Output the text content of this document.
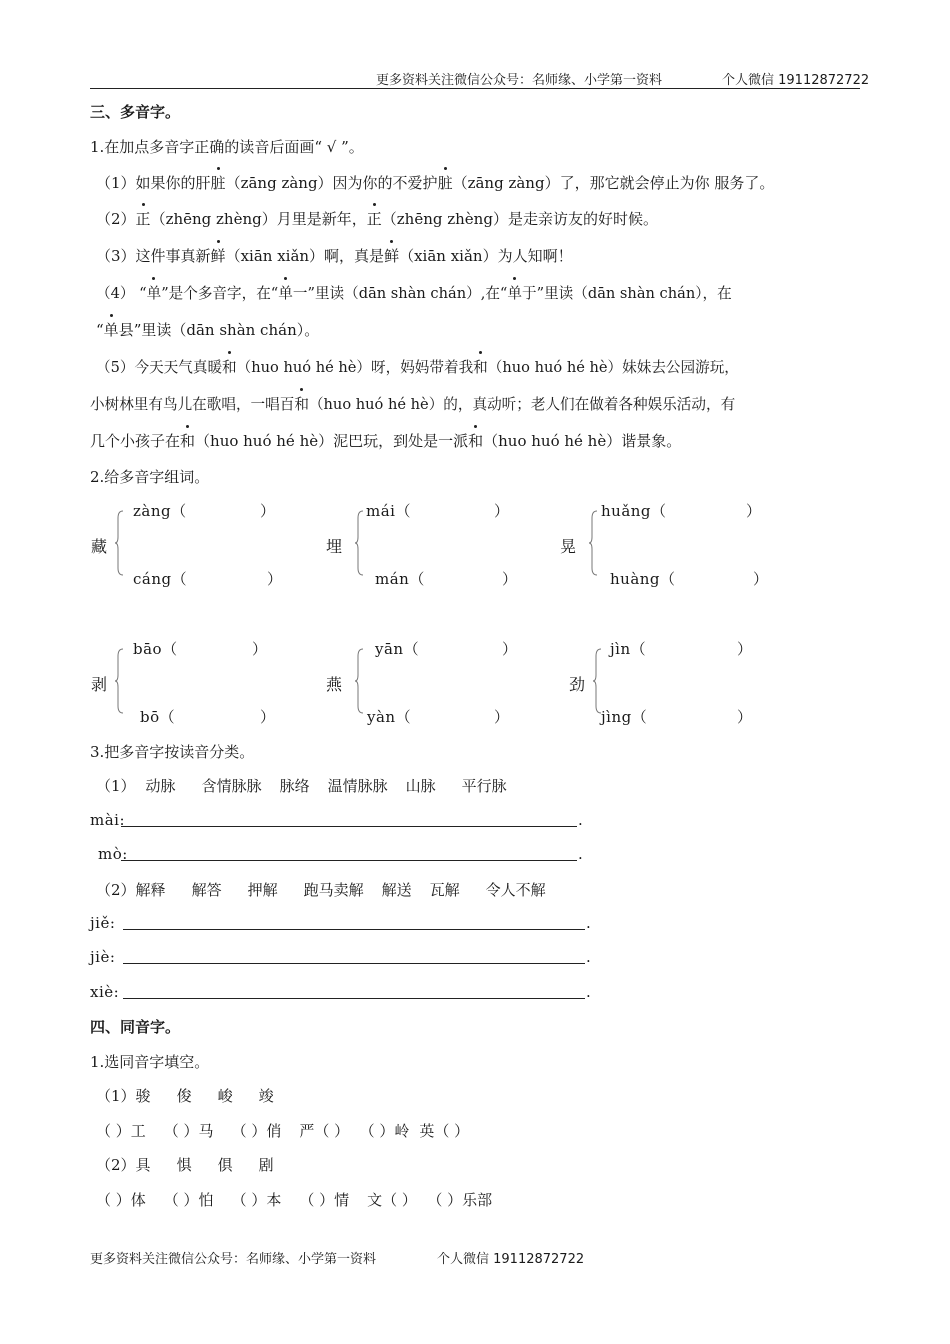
更多资料关注微信公众号：名师缘、小学第一资料	个人微信 19112872722
三、多音字。
1.在加点多音字正确的读音后面画“ √ ”。
（1）如果你的肝脏（zāng zàng）因为你的不爱护脏（zāng zàng）了，那它就会停止为你 服务了。
（2）正（zhēng zhèng）月里是新年，正（zhēng zhèng）是走亲访友的好时候。
（3）这件事真新鲜（xiān xiǎn）啊，真是鲜（xiān xiǎn）为人知啊！
（4） “单”是个多音字，在“单一”里读（dān shàn chán）,在“单于”里读（dān shàn chán），在
“单县”里读（dān shàn chán）。
（5）今天天气真暖和（huo huó hé hè）呀，妈妈带着我和（huo huó hé hè）妹妹去公园游玩，
小树林里有鸟儿在歌唱，一唱百和（huo huó hé hè）的，真动听；老人们在做着各种娱乐活动，有
几个小孩子在和（huo huó hé hè）泥巴玩，到处是一派和（huo huó hé hè）谐景象。
2.给多音字组词。
藏
zàng（	）
cáng（	）
埋
mái（	）
mán（	）
晃
huǎng（	）
huàng（	）
剥
bāo（	）
bō（	）
燕
yān（	）
yàn（	）
劲
jìn（	）
jìng（	）
3.把多音字按读音分类。
（1） 动脉 含情脉脉 脉络 温情脉脉 山脉 平行脉
mài:	.
mò:	.
（2）解释 解答 押解 跑马卖解 解送 瓦解 令人不解
jiě:	.
jiè:	.
xiè:	.
四、同音字。
1.选同音字填空。
（1）骏 俊 峻 竣
（ ）工 （ ）马 （ ）俏 严（ ） （ ）岭 英（ ）
（2）具 惧 俱 剧
（ ）体 （ ）怕 （ ）本 （ ）情 文（ ） （ ）乐部
更多资料关注微信公众号：名师缘、小学第一资料	个人微信 19112872722
